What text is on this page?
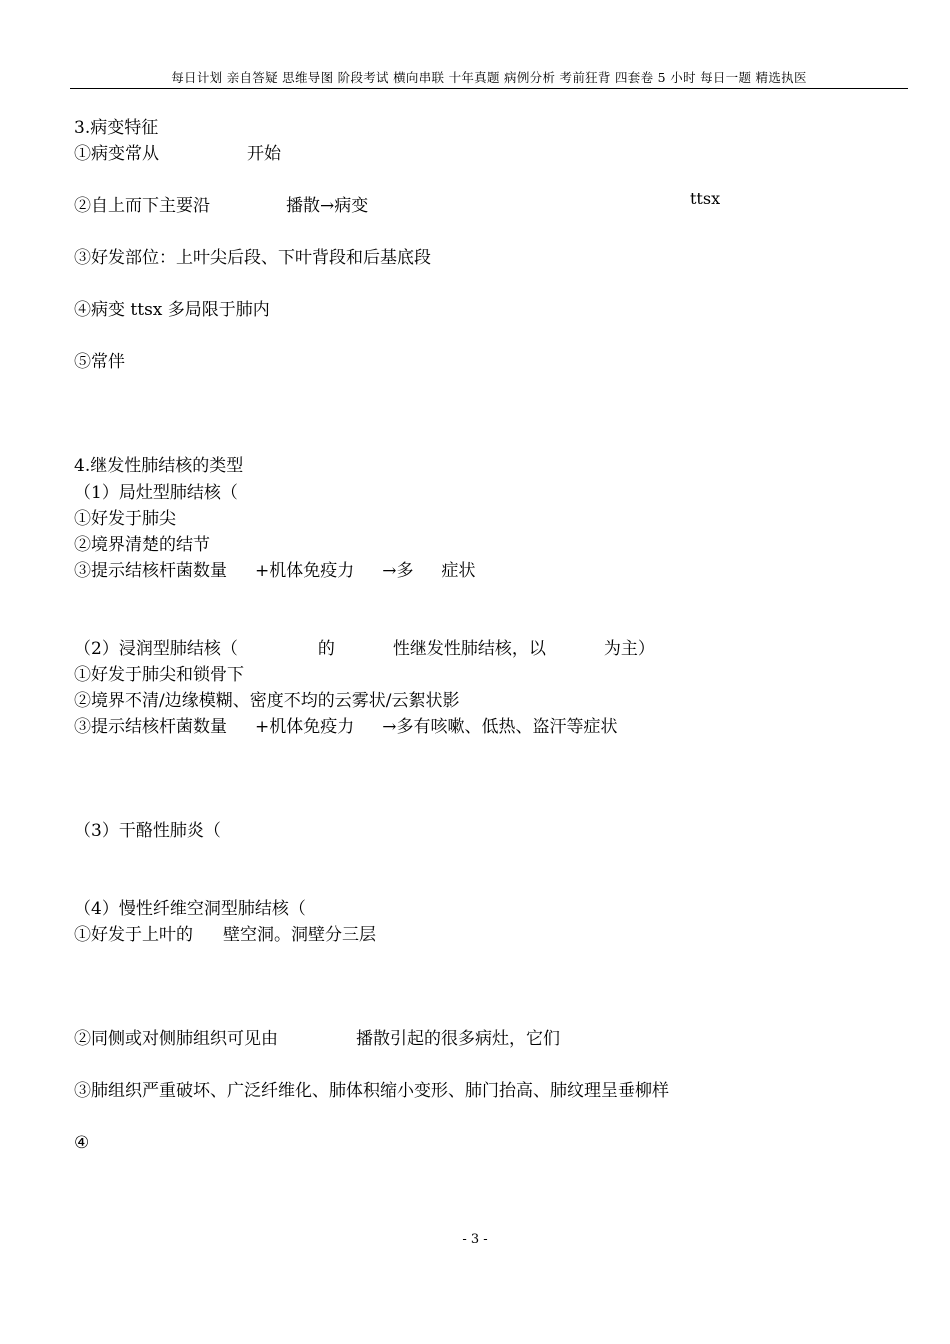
每日计划 亲自答疑 思维导图 阶段考试 横向串联 十年真题 病例分析 考前狂背 四套卷 5 小时 每日一题 精选执医

3.病变特征

①病变常从	开始

②自上而下主要沿	播散→病变	ttsx

③好发部位：上叶尖后段、下叶背段和后基底段

④病变 ttsx 多局限于肺内

⑤常伴

4.继发性肺结核的类型

（1）局灶型肺结核（

①好发于肺尖

②境界清楚的结节

③提示结核杆菌数量 +机体免疫力 →多 症状

（2）浸润型肺结核（	的	性继发性肺结核，以	为主）

①好发于肺尖和锁骨下

②境界不清/边缘模糊、密度不均的云雾状/云絮状影

③提示结核杆菌数量 +机体免疫力 →多有咳嗽、低热、盗汗等症状

（3）干酪性肺炎（

（4）慢性纤维空洞型肺结核（

①好发于上叶的 壁空洞。洞壁分三层

②同侧或对侧肺组织可见由	播散引起的很多病灶，它们

③肺组织严重破坏、广泛纤维化、肺体积缩小变形、肺门抬高、肺纹理呈垂柳样

④

- 3 -
